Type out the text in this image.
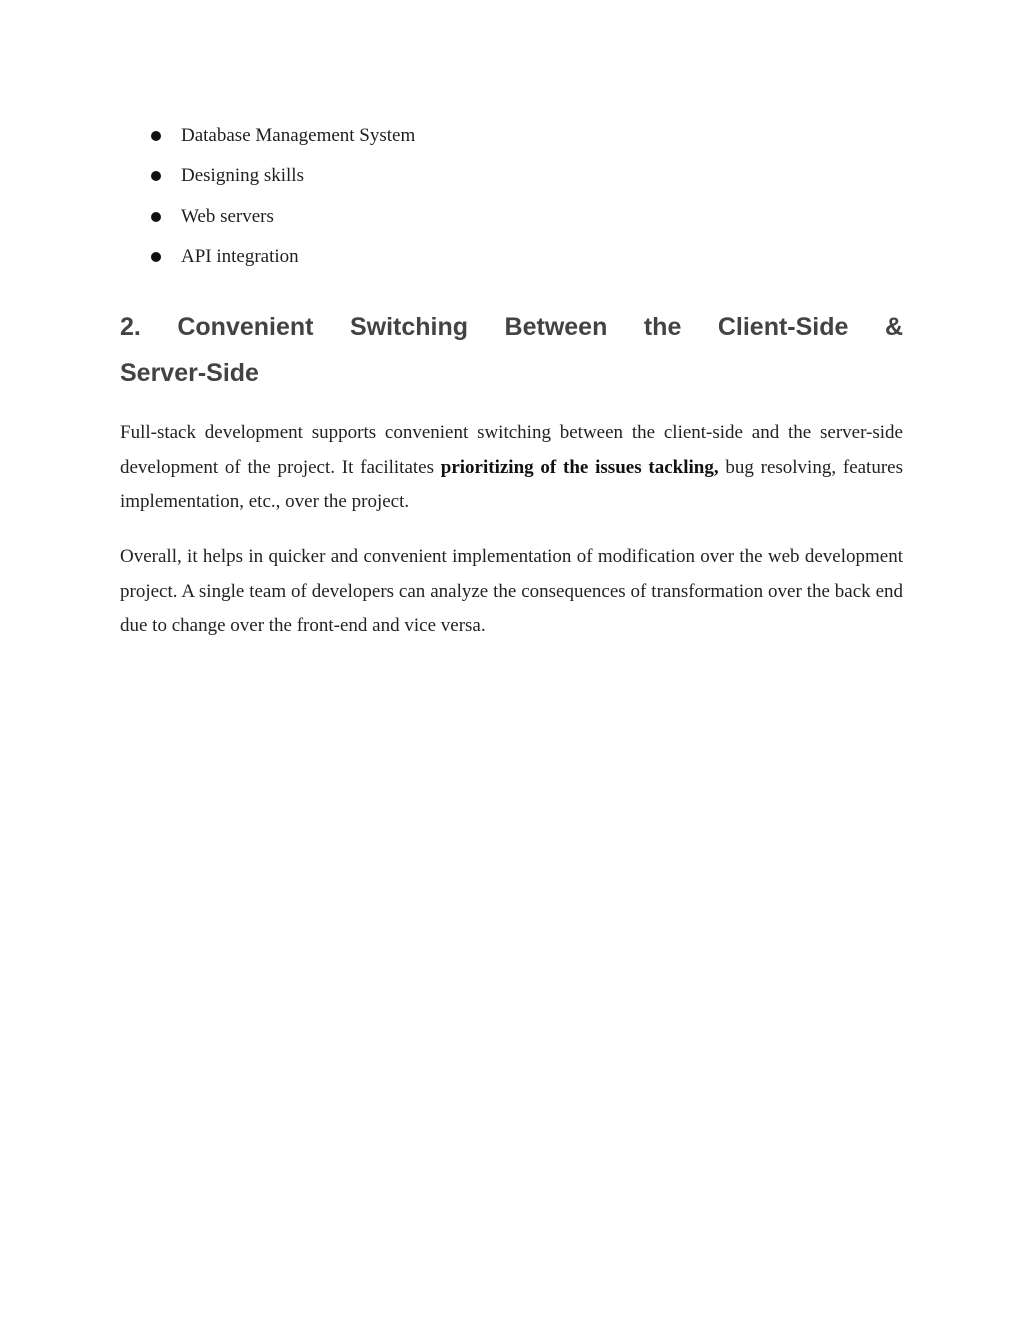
Database Management System
Designing skills
Web servers
API integration
2. Convenient Switching Between the Client-Side &
Server-Side

Full-stack development supports convenient switching between the client-side and the server-side development of the project. It facilitates prioritizing of the issues tackling, bug resolving, features implementation, etc., over the project.

Overall, it helps in quicker and convenient implementation of modification over the web development project. A single team of developers can analyze the consequences of transformation over the back end due to change over the front-end and vice versa.
